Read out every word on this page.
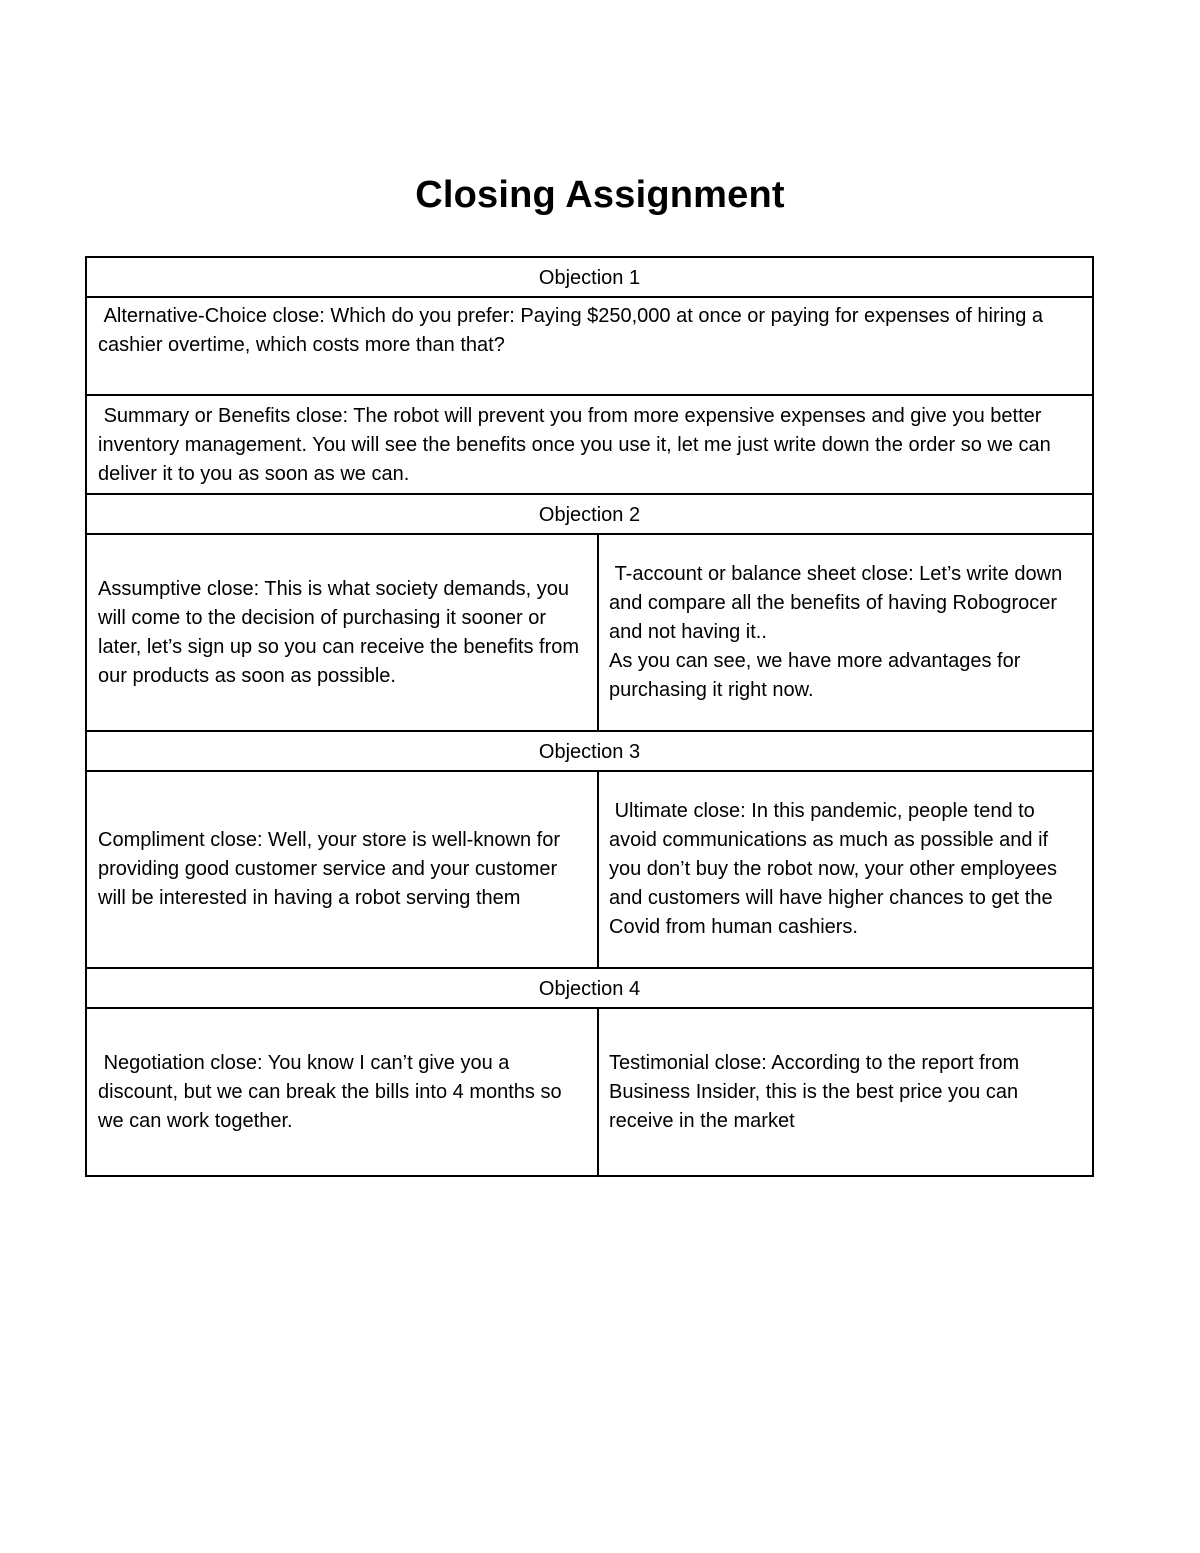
Closing Assignment
Objection 1
Alternative-Choice close: Which do you prefer: Paying $250,000 at once or paying for expenses of hiring a cashier overtime, which costs more than that?
Summary or Benefits close: The robot will prevent you from more expensive expenses and give you better inventory management. You will see the benefits once you use it, let me just write down the order so we can deliver it to you as soon as we can.
Objection 2
Assumptive close: This is what society demands, you will come to the decision of purchasing it sooner or later, let’s sign up so you can receive the benefits from our products as soon as possible.
T-account or balance sheet close: Let’s write down and compare all the benefits of having Robogrocer and not having it..
As you can see, we have more advantages for purchasing it right now.
Objection 3
Compliment close: Well, your store is well-known for providing good customer service and your customer will be interested in having a robot serving them
Ultimate close: In this pandemic, people tend to avoid communications as much as possible and if you don’t buy the robot now, your other employees and customers will have higher chances to get the Covid from human cashiers.
Objection 4
Negotiation close: You know I can’t give you a discount, but we can break the bills into 4 months so we can work together.
Testimonial close: According to the report from Business Insider, this is the best price you can receive in the market
